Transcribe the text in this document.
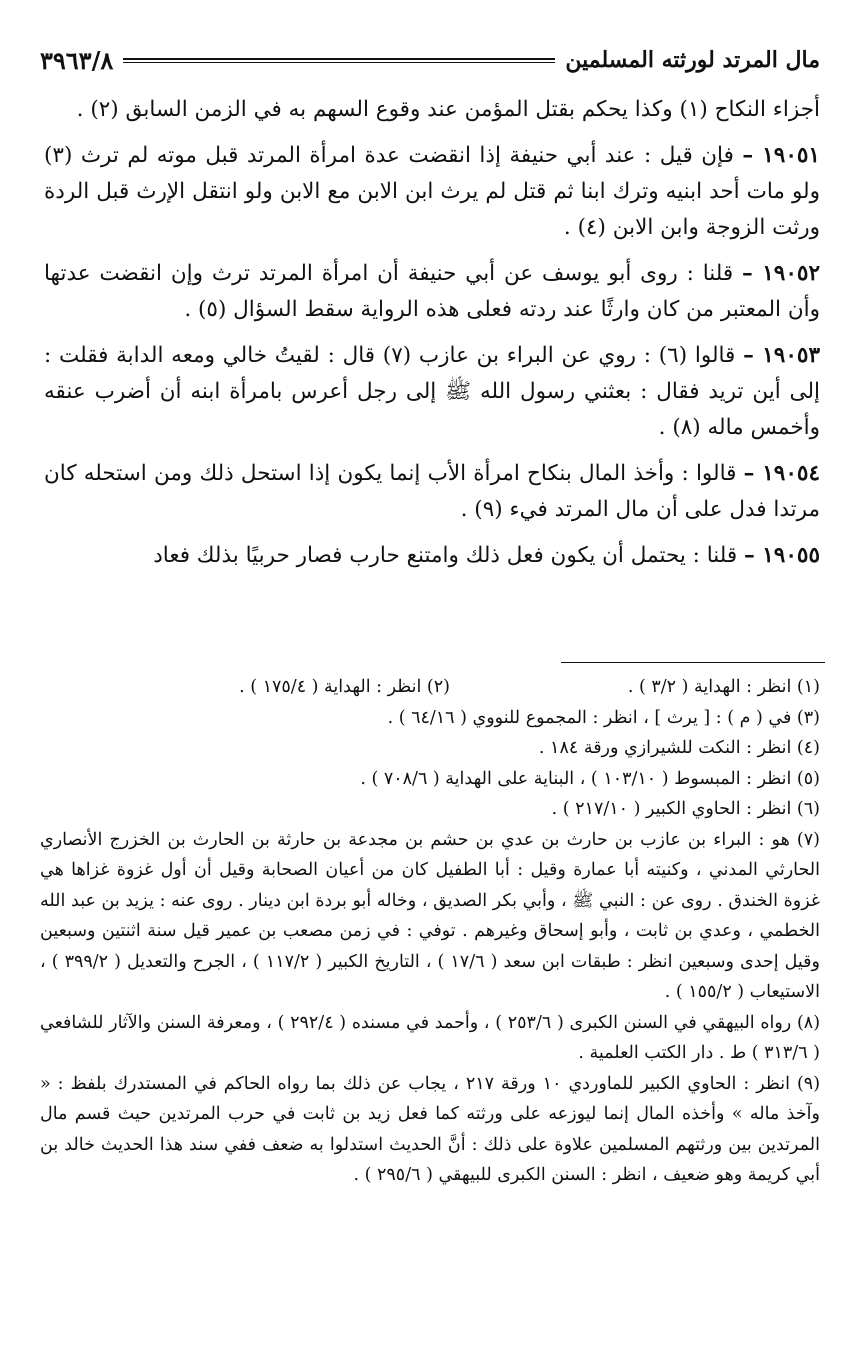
مال المرتد لورثته المسلمين
٣٩٦٣/٨

أجزاء النكاح (١) وكذا يحكم بقتل المؤمن عند وقوع السهم به في الزمن السابق (٢) .

١٩٠٥١ – فإن قيل : عند أبي حنيفة إذا انقضت عدة امرأة المرتد قبل موته لم ترث (٣) ولو مات أحد ابنيه وترك ابنا ثم قتل لم يرث ابن الابن مع الابن ولو انتقل الإرث قبل الردة ورثت الزوجة وابن الابن (٤) .

١٩٠٥٢ – قلنا : روى أبو يوسف عن أبي حنيفة أن امرأة المرتد ترث وإن انقضت عدتها وأن المعتبر من كان وارثًا عند ردته فعلى هذه الرواية سقط السؤال (٥) .

١٩٠٥٣ – قالوا (٦) : روي عن البراء بن عازب (٧) قال : لقيتُ خالي ومعه الدابة فقلت : إلى أين تريد فقال : بعثني رسول الله ﷺ إلى رجل أعرس بامرأة ابنه أن أضرب عنقه وأخمس ماله (٨) .

١٩٠٥٤ – قالوا : وأخذ المال بنكاح امرأة الأب إنما يكون إذا استحل ذلك ومن استحله كان مرتدا فدل على أن مال المرتد فيء (٩) .

١٩٠٥٥ – قلنا : يحتمل أن يكون فعل ذلك وامتنع حارب فصار حربيًا بذلك فعاد

(١) انظر : الهداية ( ٣/٢ ) .

(٢) انظر : الهداية ( ١٧٥/٤ ) .

(٣) في ( م ) : [ يرث ] ، انظر : المجموع للنووي ( ٦٤/١٦ ) .

(٤) انظر : النكت للشيرازي ورقة ١٨٤ .

(٥) انظر : المبسوط ( ١٠٣/١٠ ) ، البناية على الهداية ( ٧٠٨/٦ ) .

(٦) انظر : الحاوي الكبير ( ٢١٧/١٠ ) .

(٧) هو : البراء بن عازب بن حارث بن عدي بن حشم بن مجدعة بن حارثة بن الحارث بن الخزرج الأنصاري الحارثي المدني ، وكنيته أبا عمارة وقيل : أبا الطفيل كان من أعيان الصحابة وقيل أن أول غزوة غزاها هي غزوة الخندق . روى عن : النبي ﷺ ، وأبي بكر الصديق ، وخاله أبو بردة ابن دينار . روى عنه : يزيد بن عبد الله الخطمي ، وعدي بن ثابت ، وأبو إسحاق وغيرهم . توفي : في زمن مصعب بن عمير قيل سنة اثنتين وسبعين وقيل إحدى وسبعين انظر : طبقات ابن سعد ( ١٧/٦ ) ، التاريخ الكبير ( ١١٧/٢ ) ، الجرح والتعديل ( ٣٩٩/٢ ) ، الاستيعاب ( ١٥٥/٢ ) .

(٨) رواه البيهقي في السنن الكبرى ( ٢٥٣/٦ ) ، وأحمد في مسنده ( ٢٩٢/٤ ) ، ومعرفة السنن والآثار للشافعي ( ٣١٣/٦ ) ط . دار الكتب العلمية .

(٩) انظر : الحاوي الكبير للماوردي ١٠ ورقة ٢١٧ ، يجاب عن ذلك بما رواه الحاكم في المستدرك بلفظ : « وآخذ ماله » وأخذه المال إنما ليوزعه على ورثته كما فعل زيد بن ثابت في حرب المرتدين حيث قسم مال المرتدين بين ورثتهم المسلمين علاوة على ذلك : أنَّ الحديث استدلوا به ضعف ففي سند هذا الحديث خالد بن أبي كريمة وهو ضعيف ، انظر : السنن الكبرى للبيهقي ( ٢٩٥/٦ ) .
